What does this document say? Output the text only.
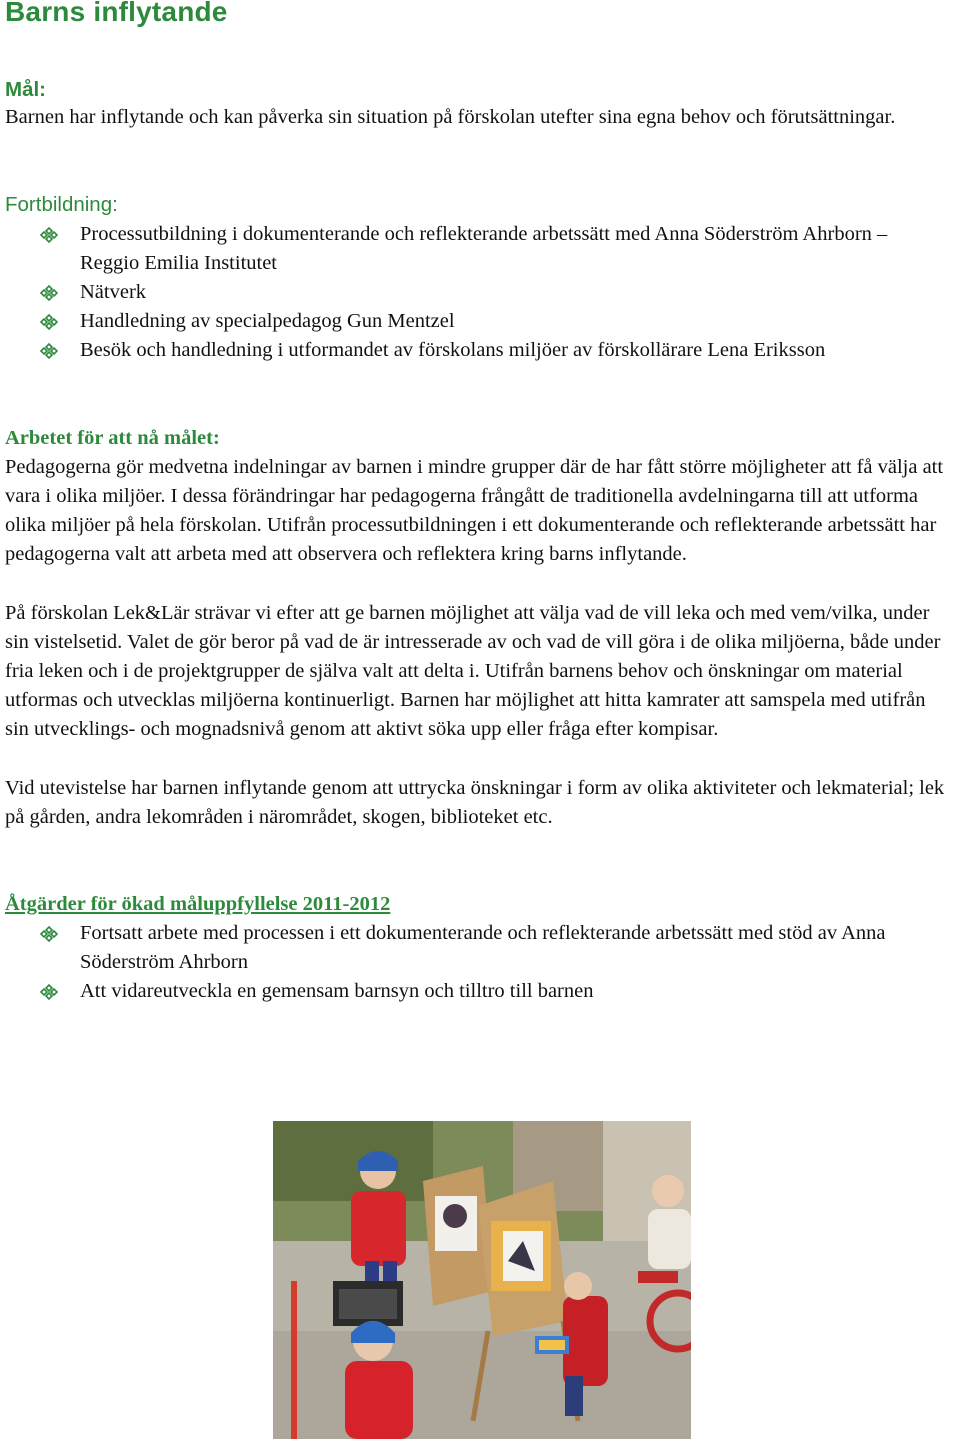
Barns inflytande
Mål:
Barnen har inflytande och kan påverka sin situation på förskolan utefter sina egna behov och förutsättningar.
Fortbildning:
Processutbildning i dokumenterande och reflekterande arbetssätt med Anna Söderström Ahrborn – Reggio Emilia Institutet
Nätverk
Handledning av specialpedagog Gun Mentzel
Besök och handledning i utformandet av förskolans miljöer av förskollärare Lena Eriksson
Arbetet för att nå målet:
Pedagogerna gör medvetna indelningar av barnen i mindre grupper där de har fått större möjligheter att få välja att vara i olika miljöer. I dessa förändringar har pedagogerna frångått de traditionella avdelningarna till att utforma olika miljöer på hela förskolan. Utifrån processutbildningen i ett dokumenterande och reflekterande arbetssätt har pedagogerna valt att arbeta med att observera och reflektera kring barns inflytande.
På förskolan Lek&Lär strävar vi efter att ge barnen möjlighet att välja vad de vill leka och med vem/vilka, under sin vistelsetid. Valet de gör beror på vad de är intresserade av och vad de vill göra i de olika miljöerna, både under fria leken och i de projektgrupper de själva valt att delta i. Utifrån barnens behov och önskningar om material utformas och utvecklas miljöerna kontinuerligt. Barnen har möjlighet att hitta kamrater att samspela med utifrån sin utvecklings- och mognadsnivå genom att aktivt söka upp eller fråga efter kompisar.
Vid utevistelse har barnen inflytande genom att uttrycka önskningar i form av olika aktiviteter och lekmaterial; lek på gården, andra lekområden i närområdet, skogen, biblioteket etc.
Åtgärder för ökad måluppfyllelse 2011-2012
Fortsatt arbete med processen i ett dokumenterande och reflekterande arbetssätt med stöd av Anna Söderström Ahrborn
Att vidareutveckla en gemensam barnsyn och tilltro till barnen
